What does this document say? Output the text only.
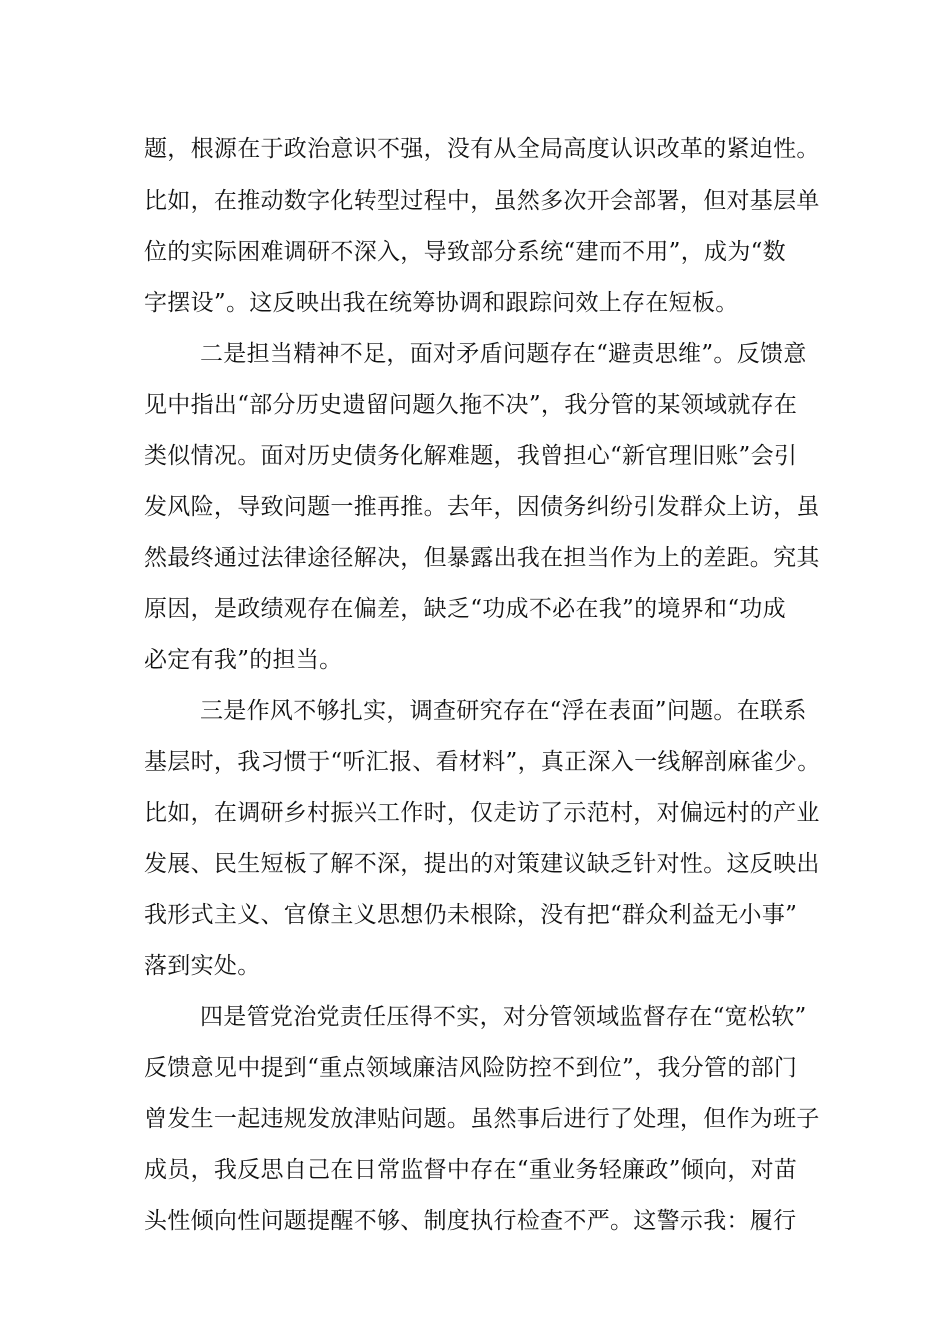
题，根源在于政治意识不强，没有从全局高度认识改革的紧迫性。

比如，在推动数字化转型过程中，虽然多次开会部署，但对基层单

位的实际困难调研不深入，导致部分系统“建而不用”，成为“数

字摆设”。这反映出我在统筹协调和跟踪问效上存在短板。

二是担当精神不足，面对矛盾问题存在“避责思维”。反馈意

见中指出“部分历史遗留问题久拖不决”，我分管的某领域就存在

类似情况。面对历史债务化解难题，我曾担心“新官理旧账”会引

发风险，导致问题一推再推。去年，因债务纠纷引发群众上访，虽

然最终通过法律途径解决，但暴露出我在担当作为上的差距。究其

原因，是政绩观存在偏差，缺乏“功成不必在我”的境界和“功成

必定有我”的担当。

三是作风不够扎实，调查研究存在“浮在表面”问题。在联系

基层时，我习惯于“听汇报、看材料”，真正深入一线解剖麻雀少。

比如，在调研乡村振兴工作时，仅走访了示范村，对偏远村的产业

发展、民生短板了解不深，提出的对策建议缺乏针对性。这反映出

我形式主义、官僚主义思想仍未根除，没有把“群众利益无小事”

落到实处。

四是管党治党责任压得不实，对分管领域监督存在“宽松软”

反馈意见中提到“重点领域廉洁风险防控不到位”，我分管的部门

曾发生一起违规发放津贴问题。虽然事后进行了处理，但作为班子

成员，我反思自己在日常监督中存在“重业务轻廉政”倾向，对苗

头性倾向性问题提醒不够、制度执行检查不严。这警示我：履行
